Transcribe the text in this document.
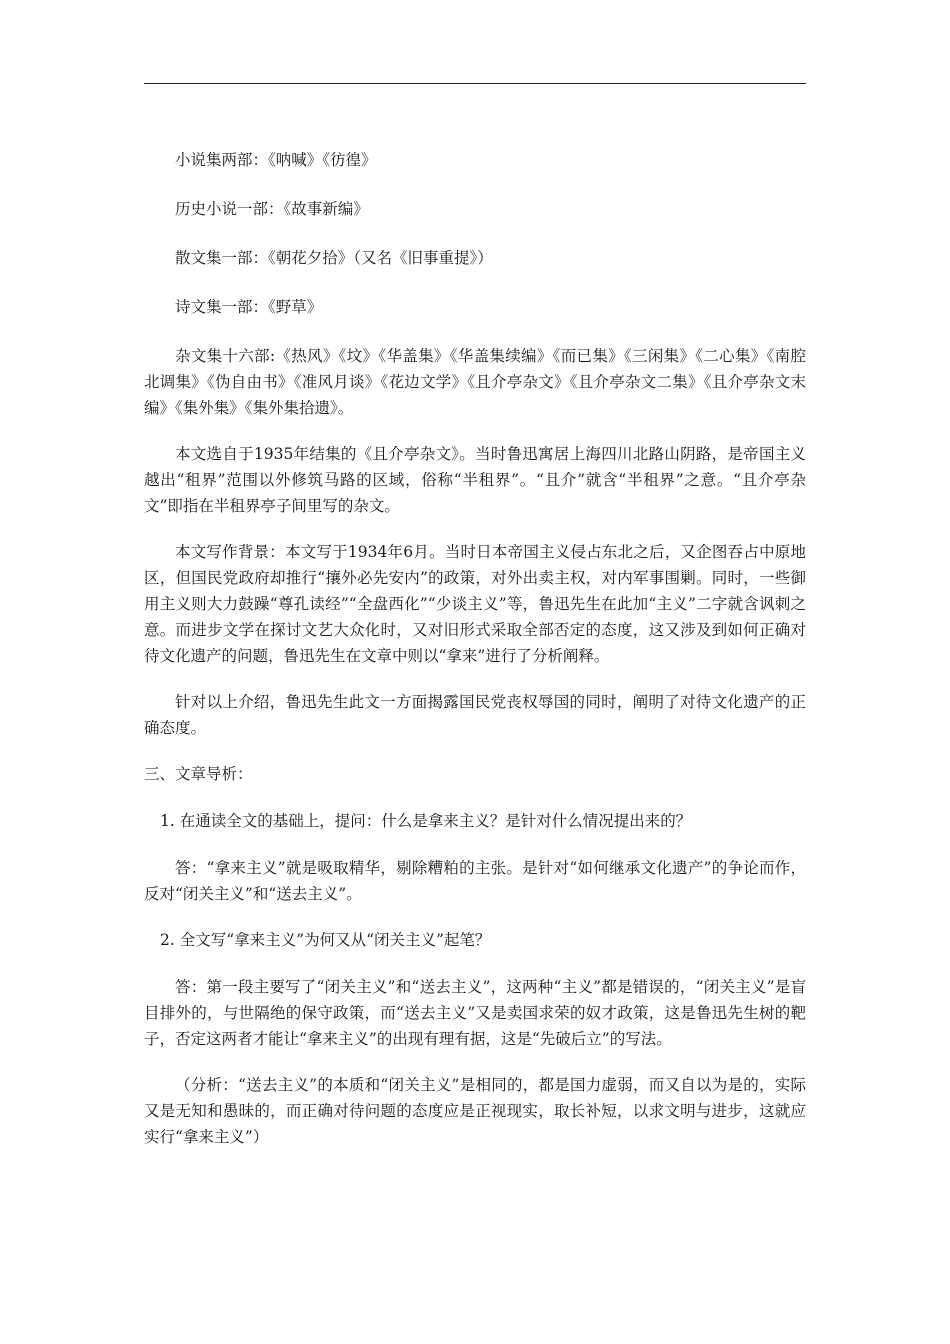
小说集两部：《呐喊》《彷徨》

历史小说一部：《故事新编》

散文集一部：《朝花夕拾》（又名《旧事重提》）

诗文集一部：《野草》

杂文集十六部:《热风》《坟》《华盖集》《华盖集续编》《而已集》《三闲集》《二心集》《南腔北调集》《伪自由书》《准风月谈》《花边文学》《且介亭杂文》《且介亭杂文二集》《且介亭杂文末编》《集外集》《集外集拾遗》。

本文选自于1935年结集的《且介亭杂文》。当时鲁迅寓居上海四川北路山阴路，是帝国主义越出“租界”范围以外修筑马路的区域，俗称“半租界”。“且介”就含“半租界”之意。“且介亭杂文”即指在半租界亭子间里写的杂文。

本文写作背景：本文写于1934年6月。当时日本帝国主义侵占东北之后，又企图吞占中原地区，但国民党政府却推行“攘外必先安内”的政策，对外出卖主权，对内军事围剿。同时，一些御用主义则大力鼓躁“尊孔读经”“全盘西化”“少谈主义”等，鲁迅先生在此加“主义”二字就含讽刺之意。而进步文学在探讨文艺大众化时，又对旧形式采取全部否定的态度，这又涉及到如何正确对待文化遗产的问题，鲁迅先生在文章中则以“拿来”进行了分析阐释。

针对以上介绍，鲁迅先生此文一方面揭露国民党丧权辱国的同时，阐明了对待文化遗产的正确态度。

三、文章导析：

1. 在通读全文的基础上，提问：什么是拿来主义？是针对什么情况提出来的？

答：“拿来主义”就是吸取精华，剔除糟粕的主张。是针对“如何继承文化遗产”的争论而作，反对“闭关主义”和“送去主义”。

2. 全文写“拿来主义”为何又从“闭关主义”起笔？

答：第一段主要写了“闭关主义”和“送去主义”，这两种“主义”都是错误的，“闭关主义”是盲目排外的，与世隔绝的保守政策，而“送去主义”又是卖国求荣的奴才政策，这是鲁迅先生树的靶子，否定这两者才能让“拿来主义”的出现有理有据，这是“先破后立”的写法。

（分析：“送去主义”的本质和“闭关主义”是相同的，都是国力虚弱，而又自以为是的，实际又是无知和愚昧的，而正确对待问题的态度应是正视现实，取长补短，以求文明与进步，这就应实行“拿来主义”）
